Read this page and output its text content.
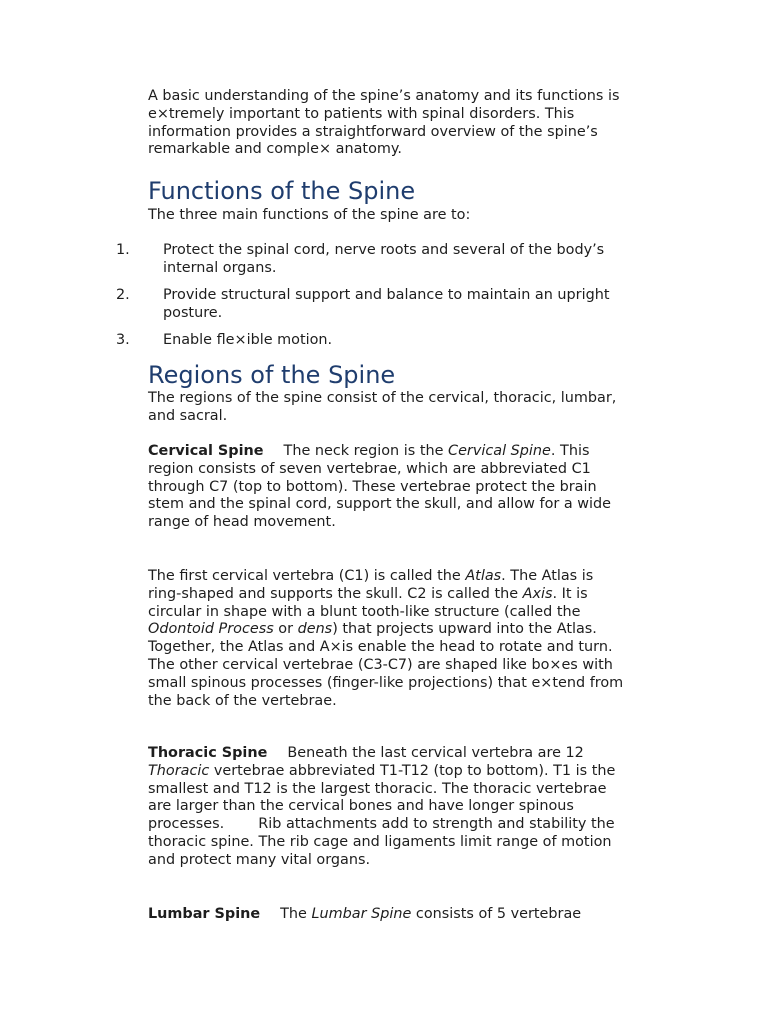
A basic understanding of the spine’s anatomy and its functions is e×tremely important to patients with spinal disorders. This information provides a straightforward overview of the spine’s remarkable and comple× anatomy.

Functions of the Spine

The three main functions of the spine are to:

1. Protect the spinal cord, nerve roots and several of the body’s internal organs.
2. Provide structural support and balance to maintain an upright posture.
3. Enable fle×ible motion.
Regions of the Spine

The regions of the spine consist of the cervical, thoracic, lumbar, and sacral.

Cervical Spine The neck region is the Cervical Spine. This region consists of seven vertebrae, which are abbreviated C1 through C7 (top to bottom). These vertebrae protect the brain stem and the spinal cord, support the skull, and allow for a wide range of head movement.

The first cervical vertebra (C1) is called the Atlas. The Atlas is ring-shaped and supports the skull. C2 is called the Axis. It is circular in shape with a blunt tooth-like structure (called the Odontoid Process or dens) that projects upward into the Atlas. Together, the Atlas and A×is enable the head to rotate and turn. The other cervical vertebrae (C3-C7) are shaped like bo×es with small spinous processes (finger-like projections) that e×tend from the back of the vertebrae.

Thoracic Spine Beneath the last cervical vertebra are 12 Thoracic vertebrae abbreviated T1-T12 (top to bottom). T1 is the smallest and T12 is the largest thoracic. The thoracic vertebrae are larger than the cervical bones and have longer spinous processes. Rib attachments add to strength and stability the thoracic spine. The rib cage and ligaments limit range of motion and protect many vital organs.

Lumbar Spine The Lumbar Spine consists of 5 vertebrae
